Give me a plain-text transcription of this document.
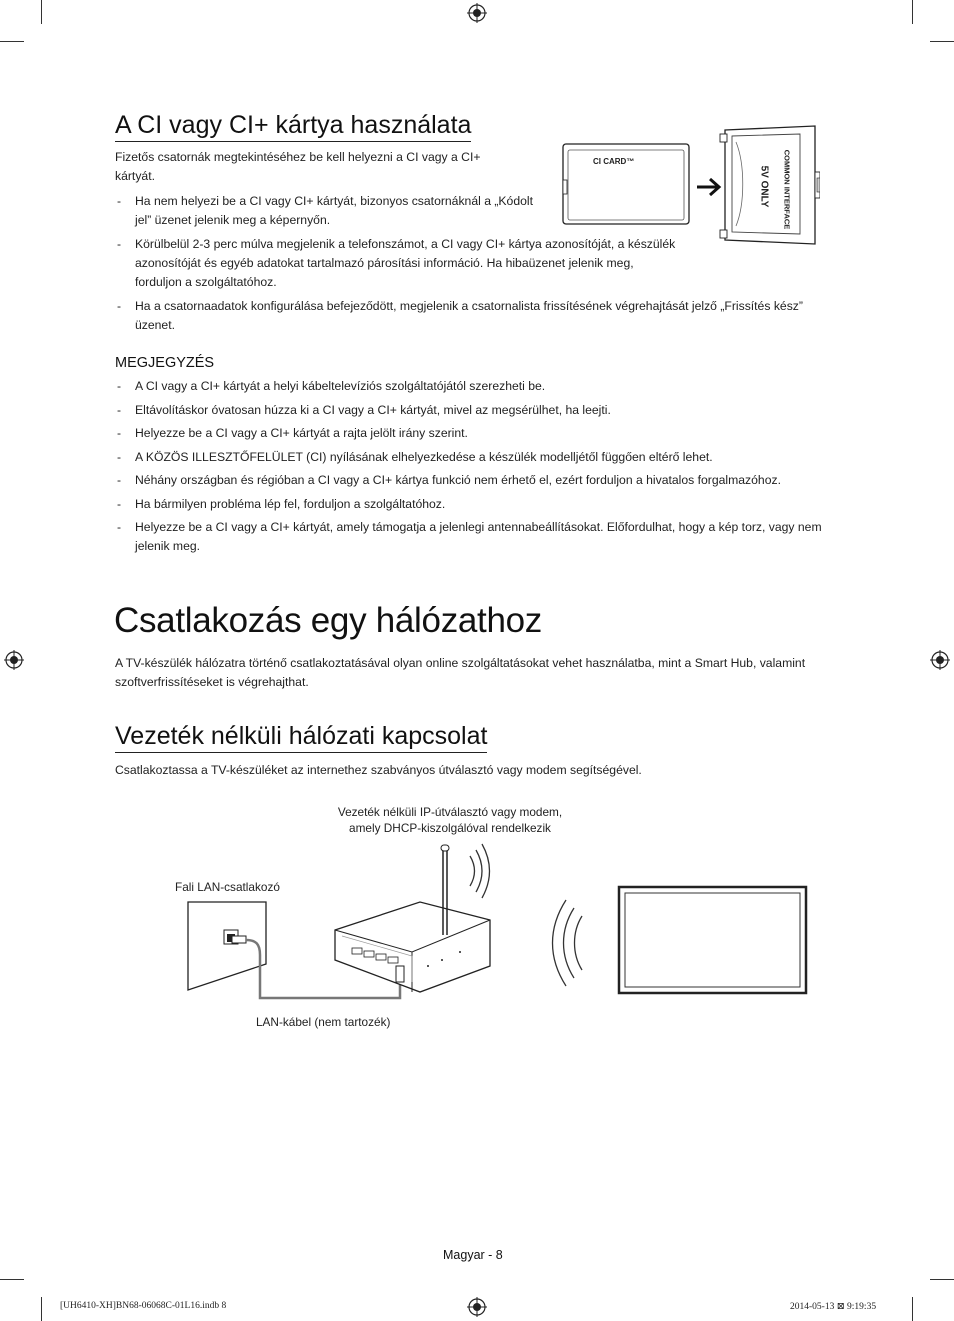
A CI vagy CI+ kártya használata
Fizetős csatornák megtekintéséhez be kell helyezni a CI vagy a CI+ kártyát.

- Ha nem helyezi be a CI vagy CI+ kártyát, bizonyos csatornáknál a „Kódolt jel” üzenet jelenik meg a képernyőn.

- Körülbelül 2-3 perc múlva megjelenik a telefonszámot, a CI vagy CI+ kártya azonosítóját, a készülék azonosítóját és egyéb adatokat tartalmazó párosítási információ. Ha hibaüzenet jelenik meg, forduljon a szolgáltatóhoz.

- Ha a csatornaadatok konfigurálása befejeződött, megjelenik a csatornalista frissítésének végrehajtását jelző „Frissítés kész” üzenet.

CI CARD™	COMMON INTERFACE
5V ONLY
MEGJEGYZÉS

- A CI vagy a CI+ kártyát a helyi kábeltelevíziós szolgáltatójától szerezheti be.

- Eltávolításkor óvatosan húzza ki a CI vagy a CI+ kártyát, mivel az megsérülhet, ha leejti.

- Helyezze be a CI vagy a CI+ kártyát a rajta jelölt irány szerint.

- A KÖZÖS ILLESZTŐFELÜLET (CI) nyílásának elhelyezkedése a készülék modelljétől függően eltérő lehet.

- Néhány országban és régióban a CI vagy a CI+ kártya funkció nem érhető el, ezért forduljon a hivatalos forgalmazóhoz.

- Ha bármilyen probléma lép fel, forduljon a szolgáltatóhoz.

- Helyezze be a CI vagy a CI+ kártyát, amely támogatja a jelenlegi antennabeállításokat. Előfordulhat, hogy a kép torz, vagy nem jelenik meg.

Csatlakozás egy hálózathoz
A TV-készülék hálózatra történő csatlakoztatásával olyan online szolgáltatásokat vehet használatba, mint a Smart Hub, valamint szoftverfrissítéseket is végrehajthat.
Vezeték nélküli hálózati kapcsolat
Csatlakoztassa a TV-készüléket az internethez szabványos útválasztó vagy modem segítségével.
Vezeték nélküli IP-útválasztó vagy modem,
amely DHCP-kiszolgálóval rendelkezik
Fali LAN-csatlakozó
LAN-kábel (nem tartozék)
Magyar - 8
[UH6410-XH]BN68-06068C-01L16.indb 8	2014-05-13 ⊠ 9:19:35
